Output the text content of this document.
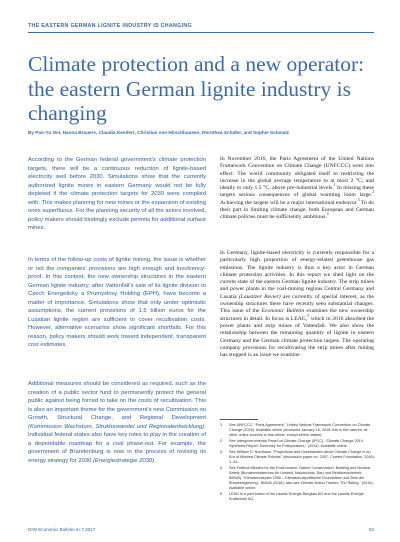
THE EASTERN GERMAN LIGNITE INDUSTRY IS CHANGING
Climate protection and a new operator: the eastern German lignite industry is changing
By Pao-Yu Oei, Hanna Brauers, Claudia Kemfert, Christian von Hirschhausen, Dorothea Schäfer, and Sophie Schmalz

According to the German federal government’s climate protection targets, there will be a continuous reduction of lignite-based electricity well before 2030. Simulations show that the currently authorized lignite mines in eastern Germany would not be fully depleted if the climate protection targets for 2030 were complied with. This makes planning for new mines or the expansion of existing ones superfluous. For the planning security of all the actors involved, policy makers should bindingly exclude permits for additional surface mines.

In terms of the follow-up costs of lignite mining, the issue is whether or not the companies’ provisions are high enough and insolvency-proof. In this context, the new ownership structures in the eastern German lignite industry, after Vattenfall’s sale of its lignite division to Czech Energeticky a Prumyslovy Holding (EPH), have become a matter of importance. Simulations show that only under optimistic assumptions, the current provisions of 1.5 billion euros for the Lusatian lignite region are sufficient to cover recultivation costs. However, alternative scenarios show significant shortfalls. For this reason, policy makers should work toward independent, transparent cost estimates.

Additional measures should be considered as required, such as the creation of a public sector fund to permanently protect the general public against being forced to take on the costs of recultivation. This is also an important theme for the government’s new Commission on Growth, Structural Change, and Regional Development (Kommission Wachstum, Strukturwandel und Regionalentwicklung). Individual federal states also have key roles to play in the creation of a dependable roadmap for a coal phase-out. For example, the government of Brandenburg is now in the process of revising its energy strategy for 2030 (Energiestrategie 2030).

In November 2016, the Paris Agreement of the United Nations Framework Convention on Climate Change (UNFCCC) went into effect. The world community obligated itself to restricting the increase in the global average temperature to at most 2 °C, and ideally to only 1.5 °C, above pre-industrial levels.$^1$ In missing these targets serious consequences of global warming loom large.$^2$ Achieving the targets will be a major international endeavor.$^3$ To do their part in limiting climate change, both European and German climate policies must be sufficiently ambitious.$^4$

In Germany, lignite-based electricity is currently responsible for a particularly high proportion of energy-related greenhouse gas emissions. The lignite industry is thus a key actor in German climate protection activities. In this report we shed light on the current state of the eastern German lignite industry. The strip mines and power plants in the coal-mining regions Central Germany and Lusatia (Lausitzer Revier) are currently of special interest, as the ownership structures there have recently seen substantial changes. This issue of the Economic Bulletin examines the new ownership structures in detail. In focus is LEAG,$^5$ which in 2016 absorbed the power plants and strip mines of Vattenfall. We also show the relationship between the remaining quantity of lignite in eastern Germany and the German climate protection targets. The operating company provisions for recultivating the strip mines after mining has stopped is an issue we examine

1 See UNFCCC, “Paris Agreement,” United Nations Framework Convention on Climate Change (2015). Available online (accessed January 16, 2018; this is the case for all other online sources in this article, except where stated).
2 See Intergovernmental Panel on Climate Change (IPCC), “Climate Change 2014 Synthesis Report: Summary for Policymakers,” (2014). Available online.
3 See William D. Nordhaus, “Projections and Uncertainties about Climate Change in an Era of Minimal Climate Policies” (discussion paper no. 2057, Cowles Foundation, 2016): 1–43.
4 See Federal Ministry for the Environment, Nature Conservation, Building and Nuclear Safety (Bundesministerium für Umwelt, Naturschutz, Bau und Reaktorsicherheit, BMUB), “Klimaschutzplan 2050 – Klimaschutzpolitische Grundsätze und Ziele der Bundesregierung,” BMUB (2016); also see Climate Action Tracker, “EU Rating,” (2016). Available online.
5 LEAG is a joint brand of the Lausitz Energie Bergbau AG and the Lausitz Energie Kraftwerke AG.
DIW Economic Bulletin 6+7.2017	63
